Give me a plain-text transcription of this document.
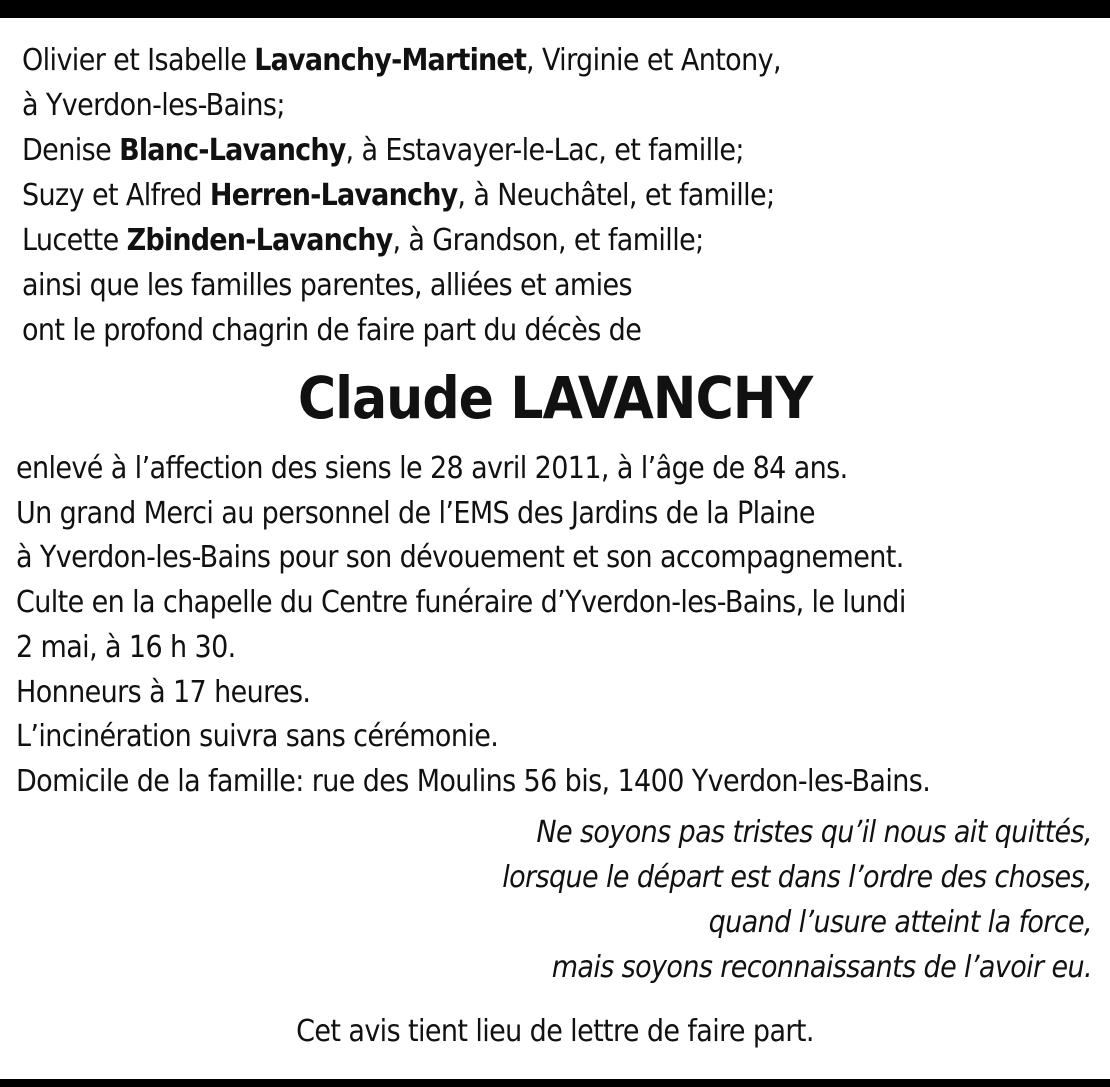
Olivier et Isabelle Lavanchy-Martinet, Virginie et Antony,
à Yverdon-les-Bains;
Denise Blanc-Lavanchy, à Estavayer-le-Lac, et famille;
Suzy et Alfred Herren-Lavanchy, à Neuchâtel, et famille;
Lucette Zbinden-Lavanchy, à Grandson, et famille;
ainsi que les familles parentes, alliées et amies
ont le profond chagrin de faire part du décès de
Claude LAVANCHY
enlevé à l’affection des siens le 28 avril 2011, à l’âge de 84 ans.
Un grand Merci au personnel de l’EMS des Jardins de la Plaine
à Yverdon-les-Bains pour son dévouement et son accompagnement.
Culte en la chapelle du Centre funéraire d’Yverdon-les-Bains, le lundi
2 mai, à 16 h 30.
Honneurs à 17 heures.
L’incinération suivra sans cérémonie.
Domicile de la famille: rue des Moulins 56 bis, 1400 Yverdon-les-Bains.
Ne soyons pas tristes qu’il nous ait quittés,
lorsque le départ est dans l’ordre des choses,
quand l’usure atteint la force,
mais soyons reconnaissants de l’avoir eu.
Cet avis tient lieu de lettre de faire part.
